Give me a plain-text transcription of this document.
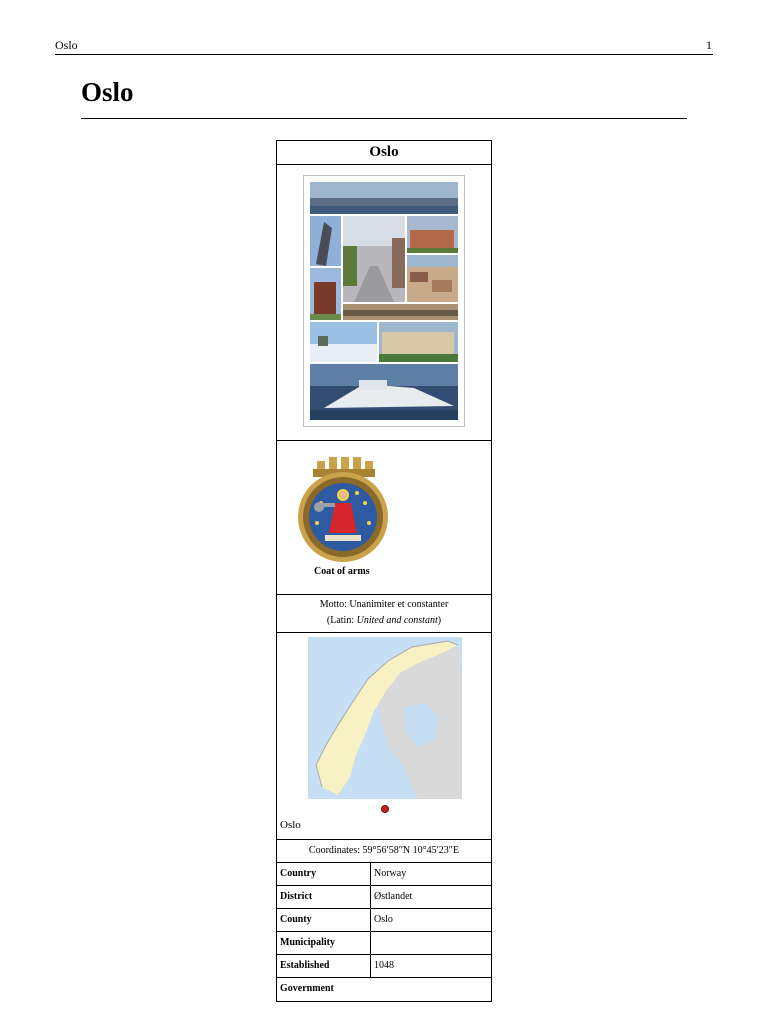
Oslo	1
Oslo
Oslo
Coat of arms
Motto: Unanimiter et constanter
(Latin: United and constant)
Oslo
Coordinates: 59°56′58″N 10°45′23″E
Country	Norway
District	Østlandet
County	Oslo
Municipality
Established	1048
Government
